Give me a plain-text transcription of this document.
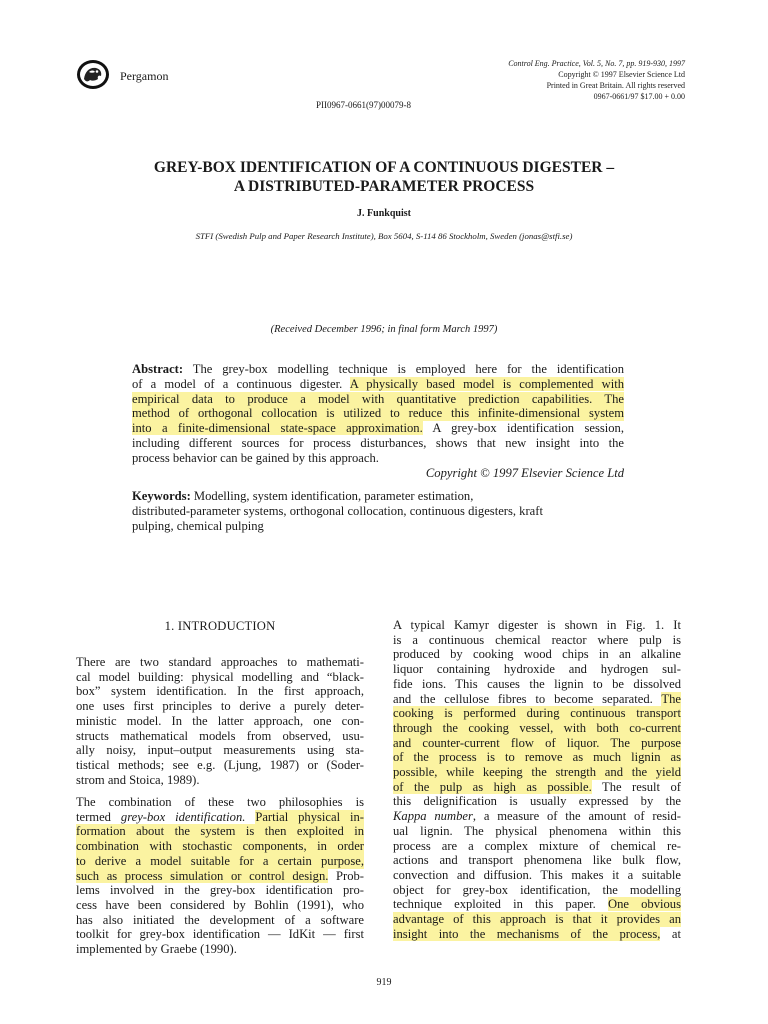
Pergamon
Control Eng. Practice, Vol. 5, No. 7, pp. 919-930, 1997
Copyright © 1997 Elsevier Science Ltd
Printed in Great Britain. All rights reserved
0967-0661/97 $17.00 + 0.00
PII0967-0661(97)00079-8
GREY-BOX IDENTIFICATION OF A CONTINUOUS DIGESTER –
A DISTRIBUTED-PARAMETER PROCESS
J. Funkquist
STFI (Swedish Pulp and Paper Research Institute), Box 5604, S-114 86 Stockholm, Sweden (jonas@stfi.se)
(Received December 1996; in final form March 1997)
Abstract: The grey-box modelling technique is employed here for the identification
of a model of a continuous digester. A physically based model is complemented with
empirical data to produce a model with quantitative prediction capabilities. The
method of orthogonal collocation is utilized to reduce this infinite-dimensional system
into a finite-dimensional state-space approximation. A grey-box identification session,
including different sources for process disturbances, shows that new insight into the
process behavior can be gained by this approach.
Copyright © 1997 Elsevier Science Ltd
Keywords: Modelling, system identification, parameter estimation,
distributed-parameter systems, orthogonal collocation, continuous digesters, kraft
pulping, chemical pulping
1. INTRODUCTION
There are two standard approaches to mathemati-
cal model building: physical modelling and “black-
box” system identification. In the first approach,
one uses first principles to derive a purely deter-
ministic model. In the latter approach, one con-
structs mathematical models from observed, usu-
ally noisy, input–output measurements using sta-
tistical methods; see e.g. (Ljung, 1987) or (Soder-
strom and Stoica, 1989).
The combination of these two philosophies is
termed grey-box identification. Partial physical in-
formation about the system is then exploited in
combination with stochastic components, in order
to derive a model suitable for a certain purpose,
such as process simulation or control design. Prob-
lems involved in the grey-box identification pro-
cess have been considered by Bohlin (1991), who
has also initiated the development of a software
toolkit for grey-box identification — IdKit — first
implemented by Graebe (1990).
A typical Kamyr digester is shown in Fig. 1. It
is a continuous chemical reactor where pulp is
produced by cooking wood chips in an alkaline
liquor containing hydroxide and hydrogen sul-
fide ions. This causes the lignin to be dissolved
and the cellulose fibres to become separated. The
cooking is performed during continuous transport
through the cooking vessel, with both co-current
and counter-current flow of liquor. The purpose
of the process is to remove as much lignin as
possible, while keeping the strength and the yield
of the pulp as high as possible. The result of
this delignification is usually expressed by the
Kappa number, a measure of the amount of resid-
ual lignin. The physical phenomena within this
process are a complex mixture of chemical re-
actions and transport phenomena like bulk flow,
convection and diffusion. This makes it a suitable
object for grey-box identification, the modelling
technique exploited in this paper. One obvious
advantage of this approach is that it provides an
insight into the mechanisms of the process, at
919
